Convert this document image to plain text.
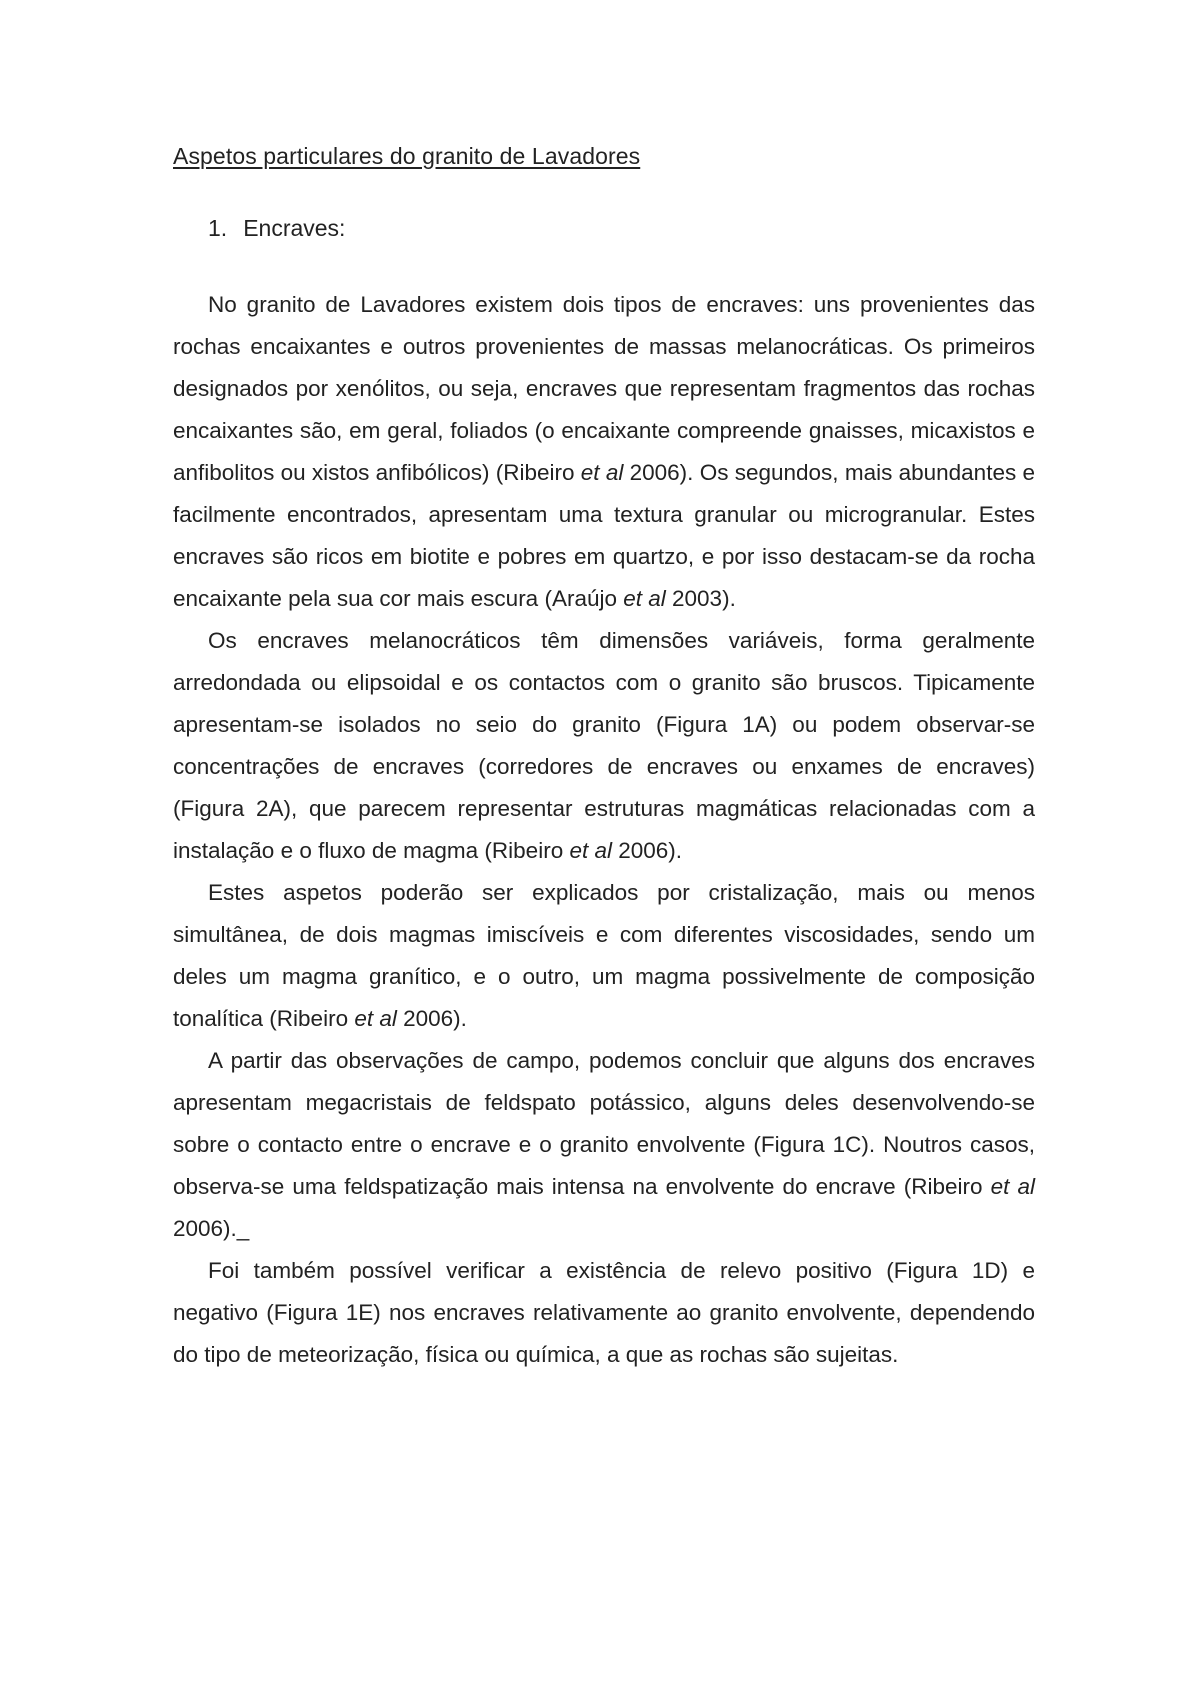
Aspetos particulares do granito de Lavadores
1. Encraves:

No granito de Lavadores existem dois tipos de encraves: uns provenientes das rochas encaixantes e outros provenientes de massas melanocráticas. Os primeiros designados por xenólitos, ou seja, encraves que representam fragmentos das rochas encaixantes são, em geral, foliados (o encaixante compreende gnaisses, micaxistos e anfibolitos ou xistos anfibólicos) (Ribeiro et al 2006). Os segundos, mais abundantes e facilmente encontrados, apresentam uma textura granular ou microgranular. Estes encraves são ricos em biotite e pobres em quartzo, e por isso destacam-se da rocha encaixante pela sua cor mais escura (Araújo et al 2003).

Os encraves melanocráticos têm dimensões variáveis, forma geralmente arredondada ou elipsoidal e os contactos com o granito são bruscos. Tipicamente apresentam-se isolados no seio do granito (Figura 1A) ou podem observar-se concentrações de encraves (corredores de encraves ou enxames de encraves) (Figura 2A), que parecem representar estruturas magmáticas relacionadas com a instalação e o fluxo de magma (Ribeiro et al 2006).

Estes aspetos poderão ser explicados por cristalização, mais ou menos simultânea, de dois magmas imiscíveis e com diferentes viscosidades, sendo um deles um magma granítico, e o outro, um magma possivelmente de composição tonalítica (Ribeiro et al 2006).

A partir das observações de campo, podemos concluir que alguns dos encraves apresentam megacristais de feldspato potássico, alguns deles desenvolvendo-se sobre o contacto entre o encrave e o granito envolvente (Figura 1C). Noutros casos, observa-se uma feldspatização mais intensa na envolvente do encrave (Ribeiro et al 2006)._

Foi também possível verificar a existência de relevo positivo (Figura 1D) e negativo (Figura 1E) nos encraves relativamente ao granito envolvente, dependendo do tipo de meteorização, física ou química, a que as rochas são sujeitas.
